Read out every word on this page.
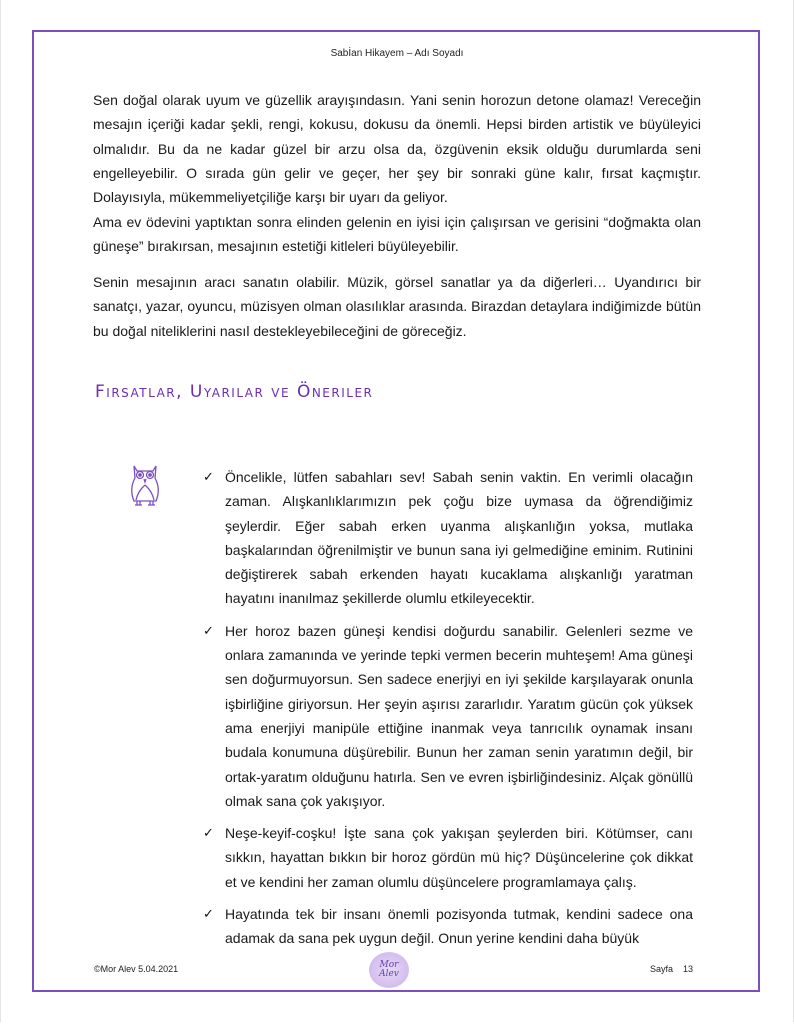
Sabİan Hikayem – Adı Soyadı
Sen doğal olarak uyum ve güzellik arayışındasın. Yani senin horozun detone olamaz! Vereceğin mesajın içeriği kadar şekli, rengi, kokusu, dokusu da önemli. Hepsi birden artistik ve büyüleyici olmalıdır. Bu da ne kadar güzel bir arzu olsa da, özgüvenin eksik olduğu durumlarda seni engelleyebilir. O sırada gün gelir ve geçer, her şey bir sonraki güne kalır, fırsat kaçmıştır. Dolayısıyla, mükemmeliyetçiliğe karşı bir uyarı da geliyor.
Ama ev ödevini yaptıktan sonra elinden gelenin en iyisi için çalışırsan ve gerisini “doğmakta olan güneşe” bırakırsan, mesajının estetiği kitleleri büyüleyebilir.
Senin mesajının aracı sanatın olabilir. Müzik, görsel sanatlar ya da diğerleri… Uyandırıcı bir sanatçı, yazar, oyuncu, müzisyen olman olasılıklar arasında. Birazdan detaylara indiğimizde bütün bu doğal niteliklerini nasıl destekleyebileceğini de göreceğiz.
Fırsatlar, Uyarılar ve Öneriler
✓ Öncelikle, lütfen sabahları sev! Sabah senin vaktin. En verimli olacağın zaman. Alışkanlıklarımızın pek çoğu bize uymasa da öğrendiğimiz şeylerdir. Eğer sabah erken uyanma alışkanlığın yoksa, mutlaka başkalarından öğrenilmiştir ve bunun sana iyi gelmediğine eminim. Rutinini değiştirerek sabah erkenden hayatı kucaklama alışkanlığı yaratman hayatını inanılmaz şekillerde olumlu etkileyecektir.
✓ Her horoz bazen güneşi kendisi doğurdu sanabilir. Gelenleri sezme ve onlara zamanında ve yerinde tepki vermen becerin muhteşem! Ama güneşi sen doğurmuyorsun. Sen sadece enerjiyi en iyi şekilde karşılayarak onunla işbirliğine giriyorsun. Her şeyin aşırısı zararlıdır. Yaratım gücün çok yüksek ama enerjiyi manipüle ettiğine inanmak veya tanrıcılık oynamak insanı budala konumuna düşürebilir. Bunun her zaman senin yaratımın değil, bir ortak-yaratım olduğunu hatırla. Sen ve evren işbirliğindesiniz. Alçak gönüllü olmak sana çok yakışıyor.
✓ Neşe-keyif-coşku! İşte sana çok yakışan şeylerden biri. Kötümser, canı sıkkın, hayattan bıkkın bir horoz gördün mü hiç? Düşüncelerine çok dikkat et ve kendini her zaman olumlu düşüncelere programlamaya çalış.
✓ Hayatında tek bir insanı önemli pozisyonda tutmak, kendini sadece ona adamak da sana pek uygun değil. Onun yerine kendini daha büyük
©Mor Alev 5.04.2021	Mor
Alev	Sayfa 13
